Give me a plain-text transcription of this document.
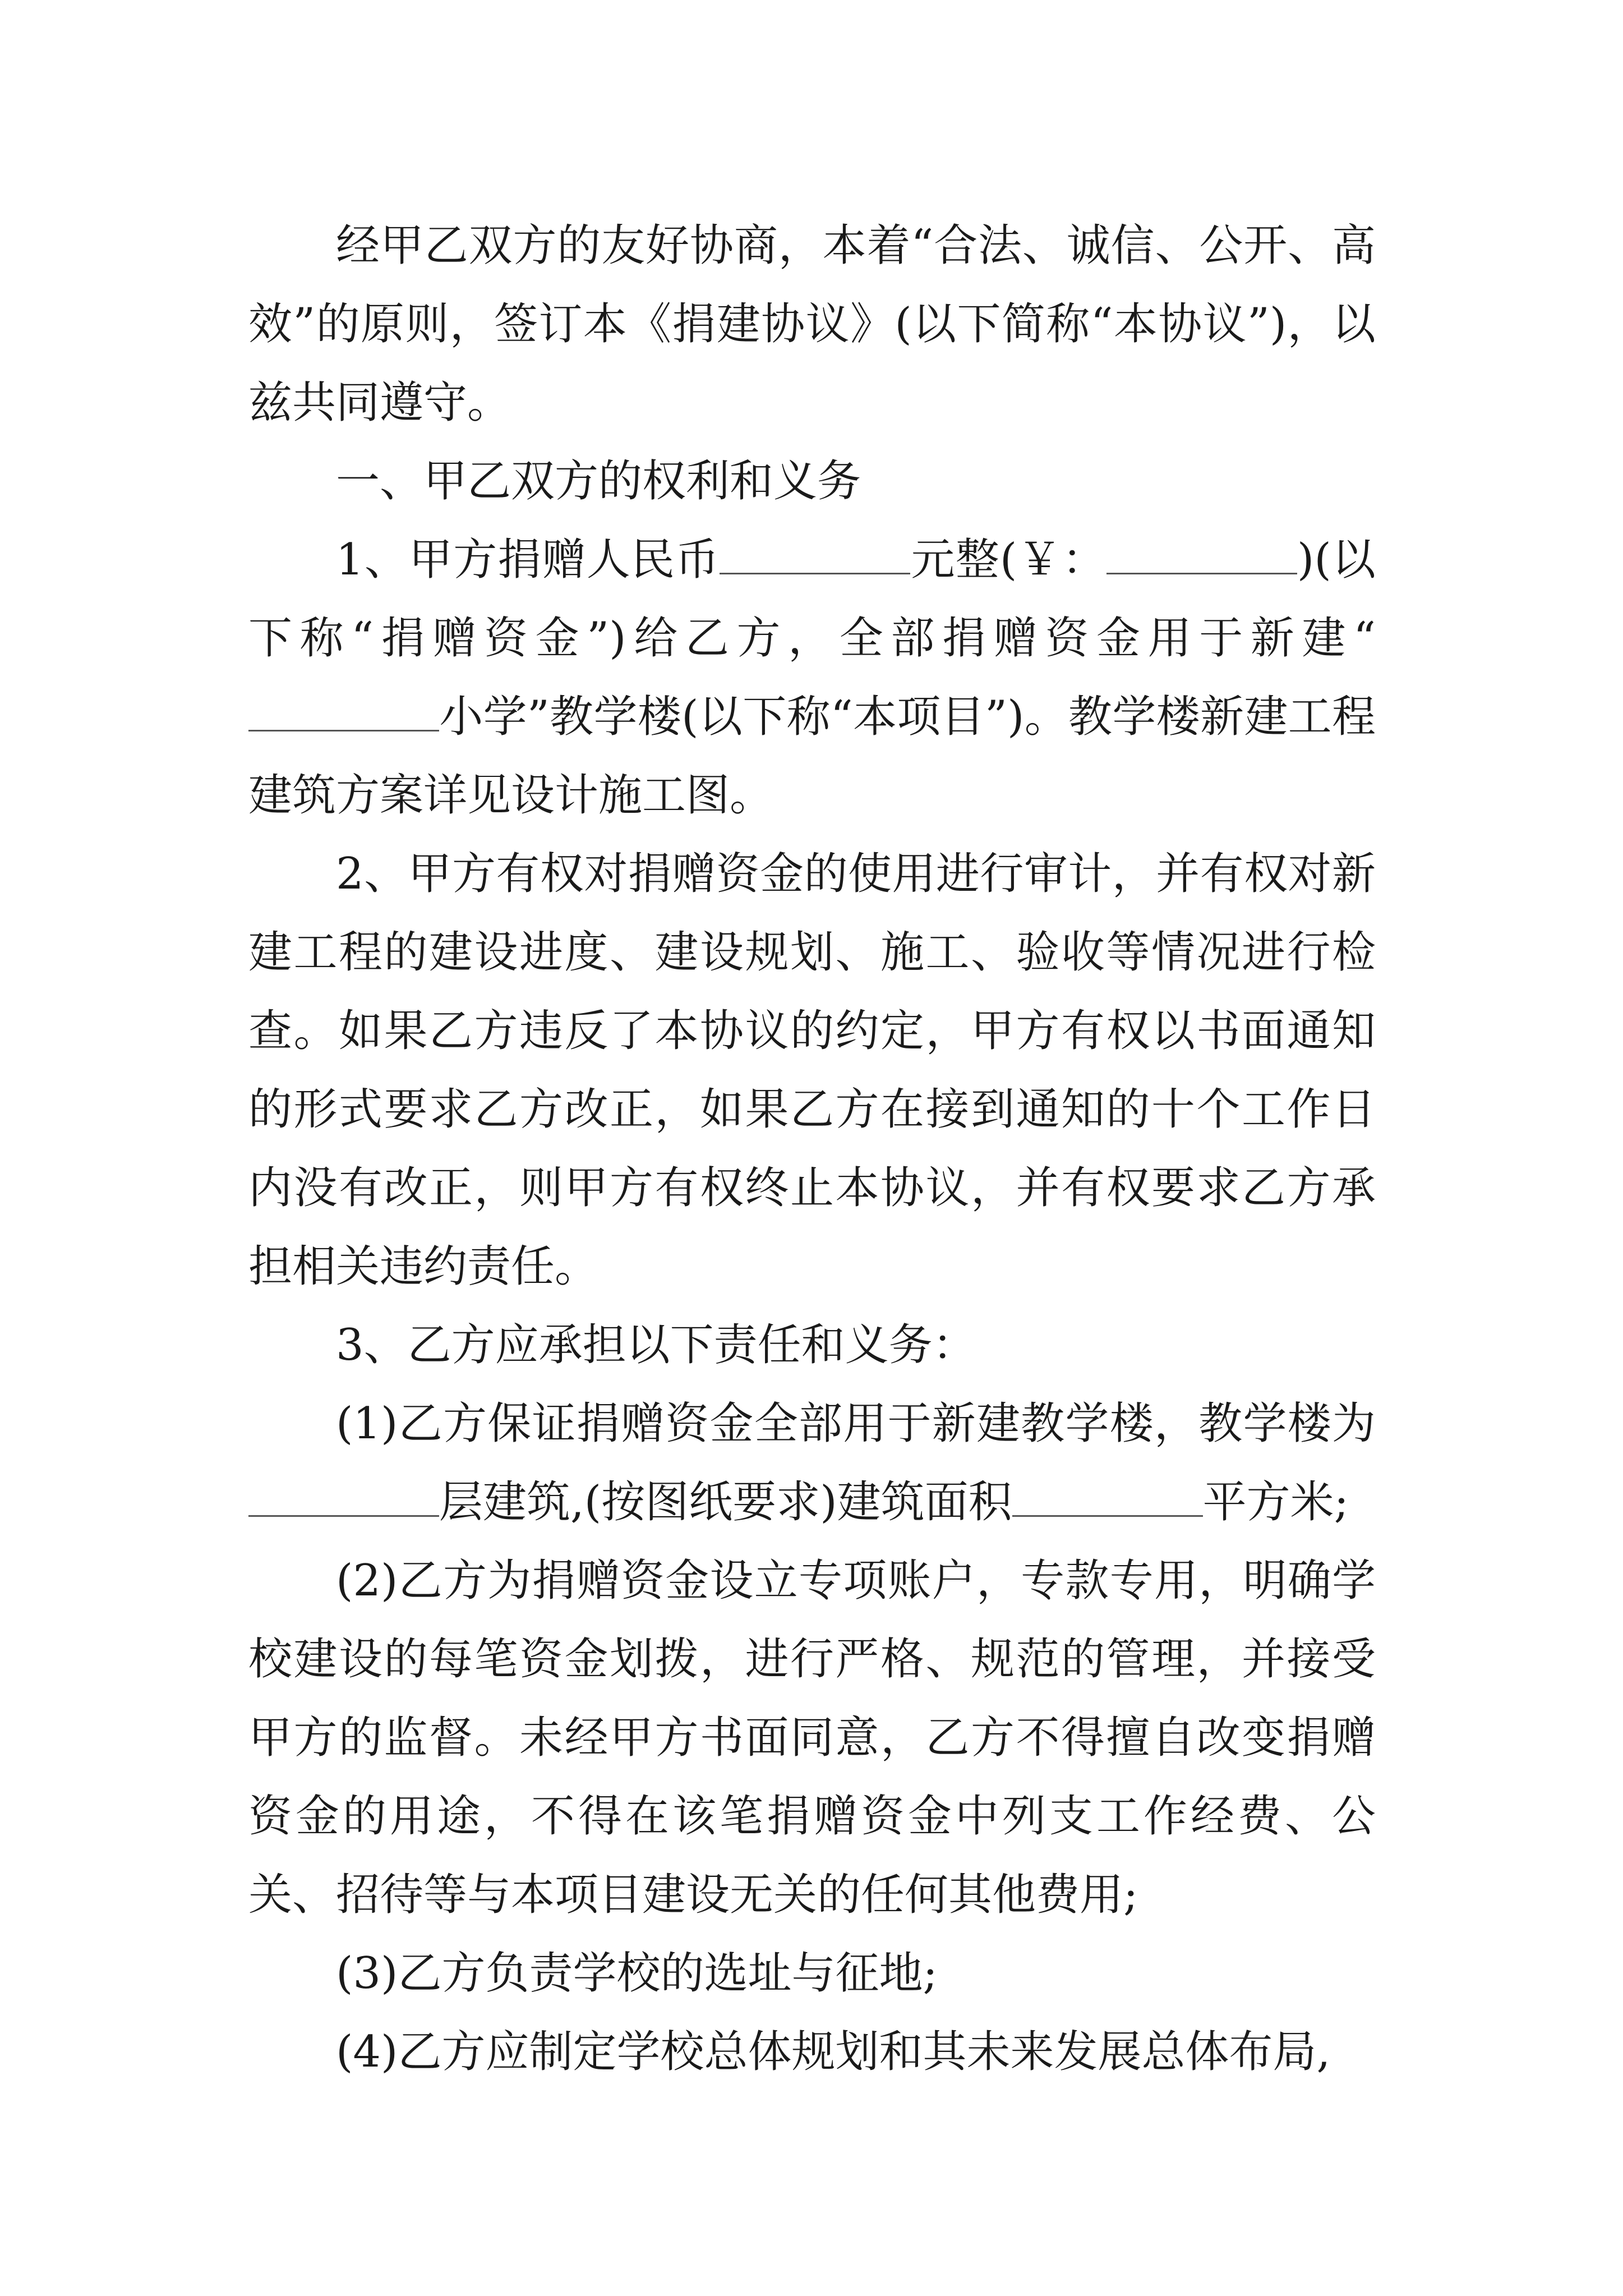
经甲乙双方的友好协商，本着“合法、诚信、公开、高效”的原则，签订本《捐建协议》(以下简称“本协议”)，以兹共同遵守。

一、甲乙双方的权利和义务

1、甲方捐赠人民币	元整(￥：	)(以下称“捐赠资金”)给乙方，全部捐赠资金用于新建“小学”教学楼(以下称“本项目”)。教学楼新建工程建筑方案详见设计施工图。

2、甲方有权对捐赠资金的使用进行审计，并有权对新建工程的建设进度、建设规划、施工、验收等情况进行检查。如果乙方违反了本协议的约定，甲方有权以书面通知的形式要求乙方改正，如果乙方在接到通知的十个工作日内没有改正，则甲方有权终止本协议，并有权要求乙方承担相关违约责任。

3、乙方应承担以下责任和义务：

(1)乙方保证捐赠资金全部用于新建教学楼，教学楼为层建筑,(按图纸要求)建筑面积	平方米;

(2)乙方为捐赠资金设立专项账户，专款专用，明确学校建设的每笔资金划拨，进行严格、规范的管理，并接受甲方的监督。未经甲方书面同意，乙方不得擅自改变捐赠资金的用途，不得在该笔捐赠资金中列支工作经费、公关、招待等与本项目建设无关的任何其他费用;

(3)乙方负责学校的选址与征地;

(4)乙方应制定学校总体规划和其未来发展总体布局,
